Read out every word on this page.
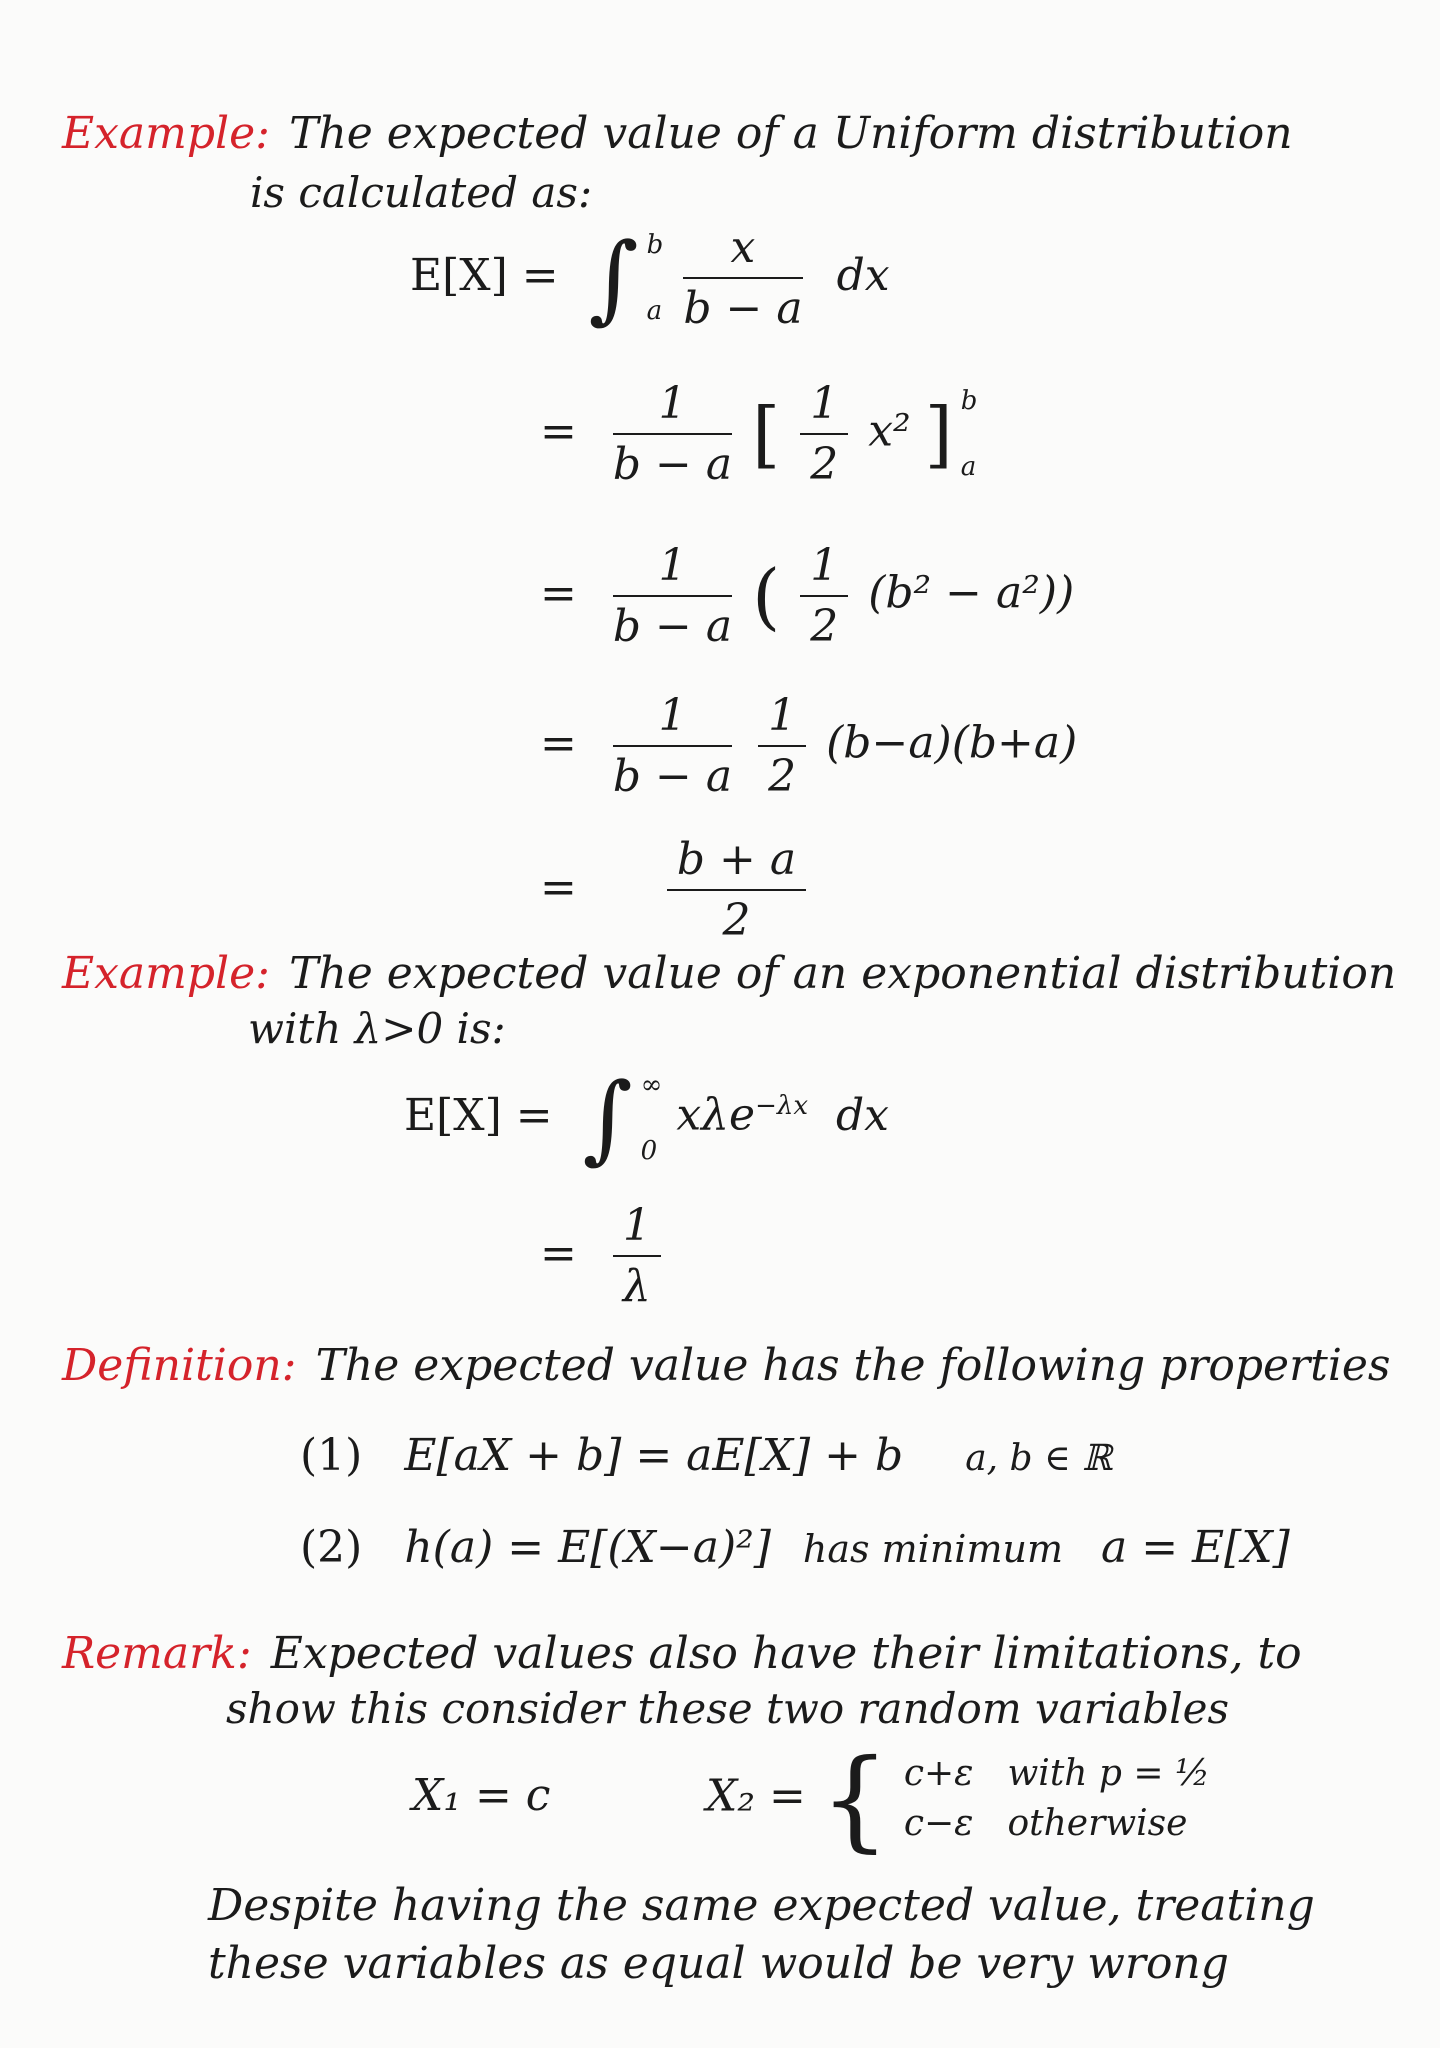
Example: The expected value of a Uniform distribution
is calculated as:
E[X] = ∫ b
a
$\frac{x}{b - a}$ dx
= $\frac{1}{b - a}$ [ $\frac{1}{2} x^2$ ] b
a
= $\frac{1}{b - a}$ ( $\frac{1}{2} (b^2 - a^2)$)
= $\frac{1}{b - a}$
$\frac{1}{2} (b-a)(b+a)$
= $\frac{b + a}{2}$
Example: The expected value of an exponential distribution
with λ>0 is:
E[X] = ∫ ∞
0
xλe$^{-\lambda x}$ dx
= $\frac{1}{\lambda}$
Definition: The expected value has the following properties
(1) E[aX + b] = aE[X] + b a, b ∈ ℝ
(2) h(a) = E[(X−a)²] has minimum a = E[X]
Remark: Expected values also have their limitations, to
show this consider these two random variables
X₁ = c	X₂ = { c+ε with p = ½
c−ε otherwise
Despite having the same expected value, treating
these variables as equal would be very wrong
